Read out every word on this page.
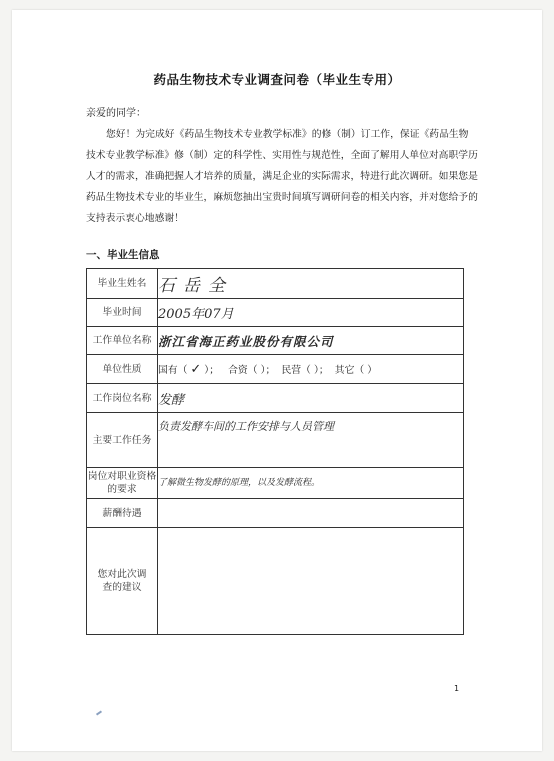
药品生物技术专业调查问卷（毕业生专用）
亲爱的同学：

您好！为完成好《药品生物技术专业教学标准》的修（制）订工作，保证《药品生物技术专业教学标准》修（制）定的科学性、实用性与规范性，全面了解用人单位对高职学历人才的需求，准确把握人才培养的质量，满足企业的实际需求，特进行此次调研。如果您是药品生物技术专业的毕业生，麻烦您抽出宝贵时间填写调研问卷的相关内容，并对您给予的支持表示衷心地感谢！

一、毕业生信息
毕业生姓名	石岳全
毕业时间	2005年07月
工作单位名称	浙江省海正药业股份有限公司
单位性质	国有（ ✓ ）； 合资（ ）； 民营（ ）； 其它（ ）
工作岗位名称	发酵
主要工作任务	负责发酵车间的工作安排与人员管理
岗位对职业资格的要求	了解微生物发酵的原理，以及发酵流程。
薪酬待遇	

您对此次调查的建议	

1
